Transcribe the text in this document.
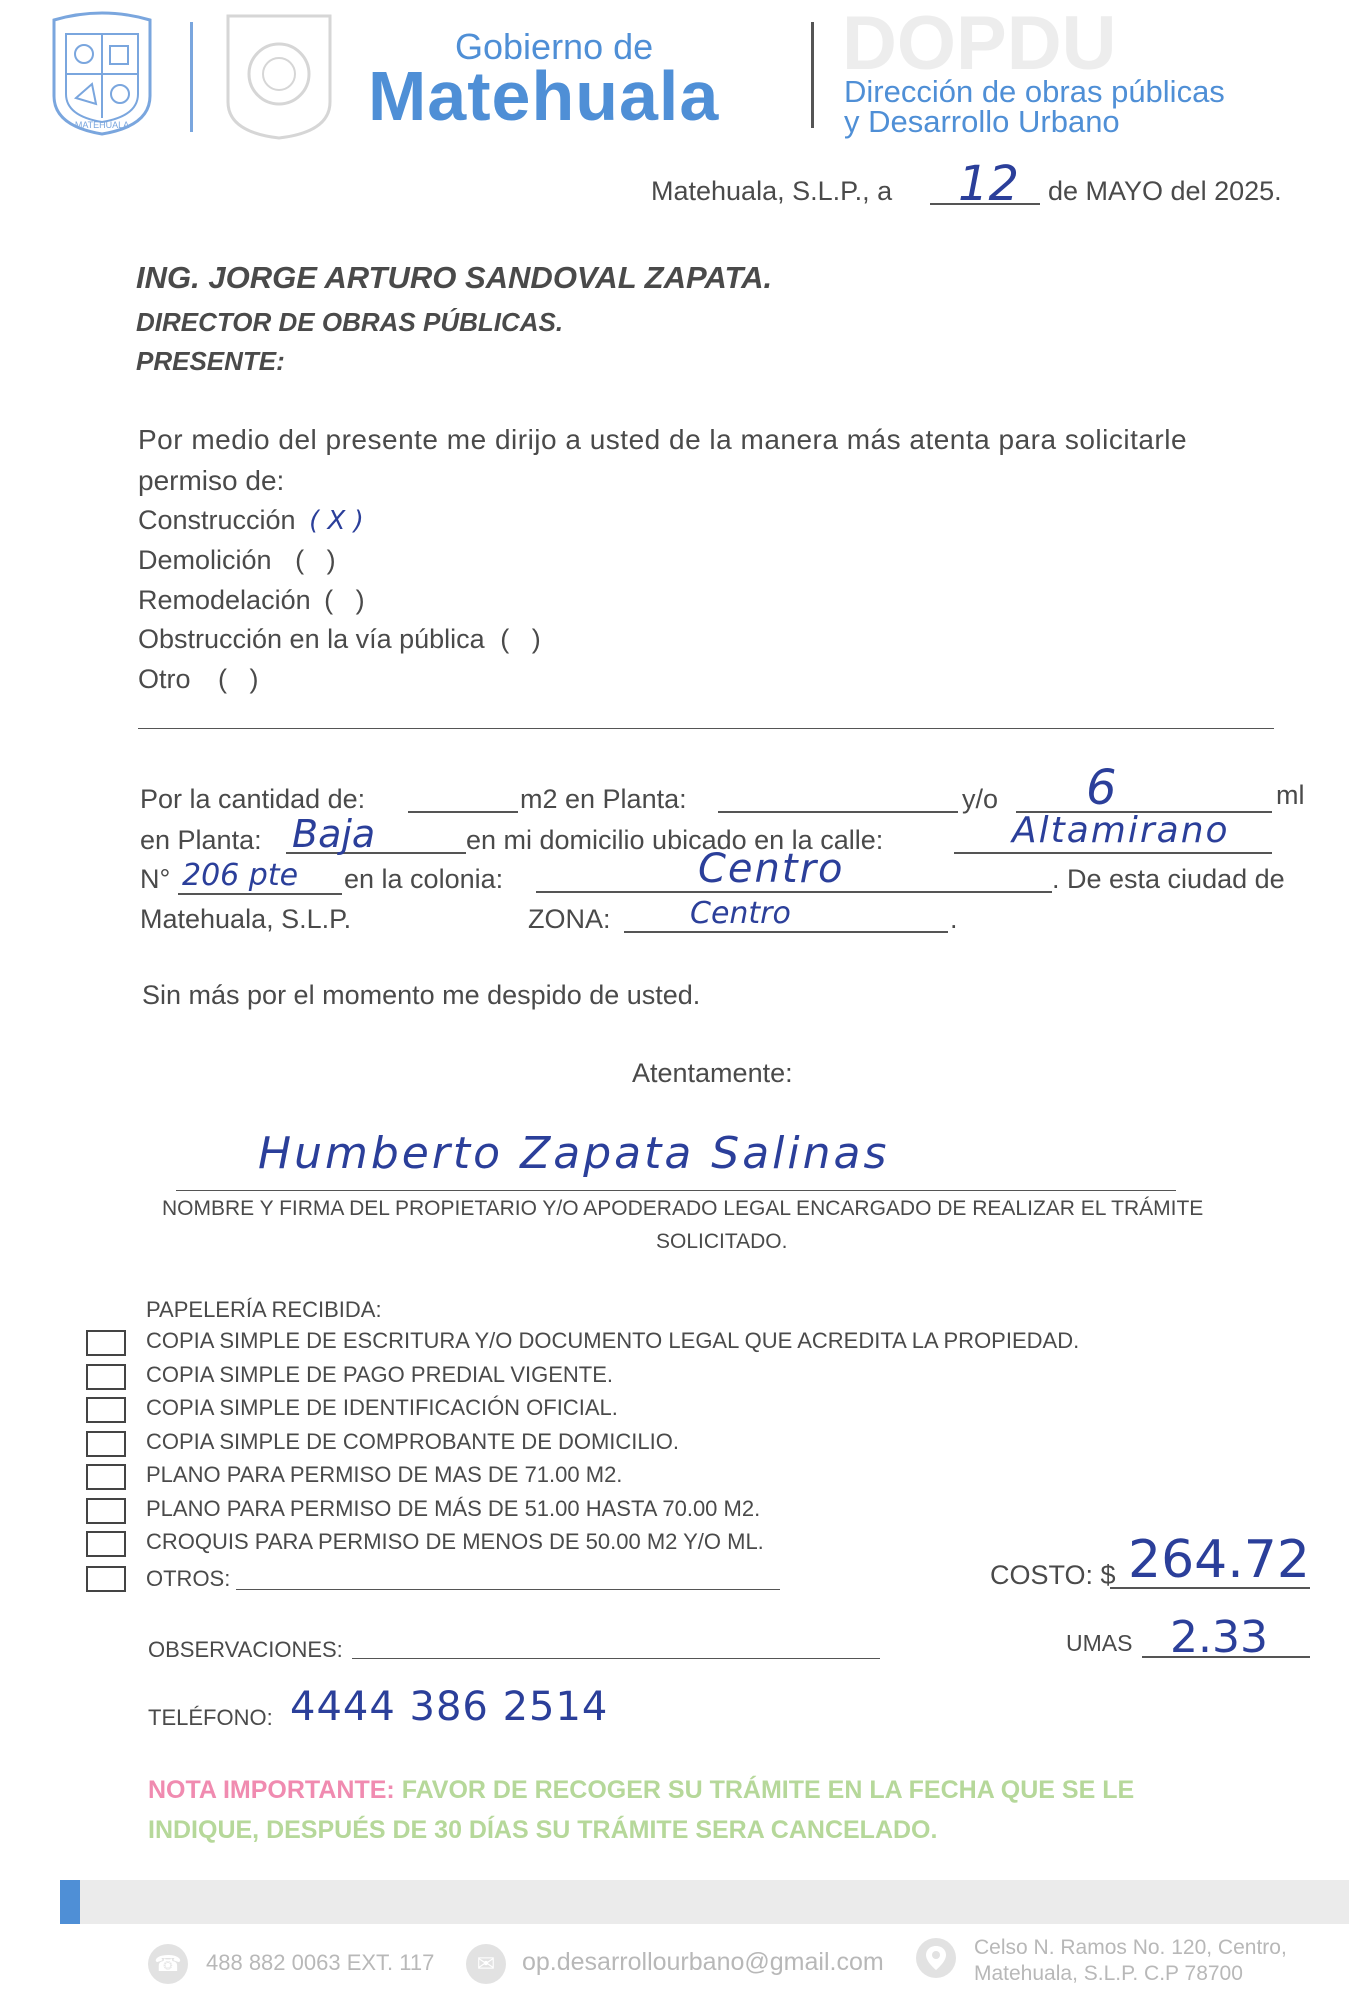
MATEHUALA
Gobierno de
Matehuala
DOPDU
Dirección de obras públicas
y Desarrollo Urbano
Matehuala, S.L.P., a 12 de MAYO del 2025.
ING. JORGE ARTURO SANDOVAL ZAPATA.
DIRECTOR DE OBRAS PÚBLICAS.
PRESENTE:
Por medio del presente me dirijo a usted de la manera más atenta para solicitarle
permiso de:
Construcción ( X )
Demolición (   )
Remodelación (   )
Obstrucción en la vía pública (   )
Otro (   )
Por la cantidad de:	m2 en Planta:	y/o 6	ml
en Planta: Baja	en mi domicilio ubicado en la calle:	Altamirano
N° 206 pte en la colonia:	Centro	. De esta ciudad de
Matehuala, S.L.P.	ZONA:	Centro	.
Sin más por el momento me despido de usted.
Atentamente:
Humberto Zapata Salinas
NOMBRE Y FIRMA DEL PROPIETARIO Y/O APODERADO LEGAL ENCARGADO DE REALIZAR EL TRÁMITE
SOLICITADO.
PAPELERÍA RECIBIDA:
COPIA SIMPLE DE ESCRITURA Y/O DOCUMENTO LEGAL QUE ACREDITA LA PROPIEDAD.
COPIA SIMPLE DE PAGO PREDIAL VIGENTE.
COPIA SIMPLE DE IDENTIFICACIÓN OFICIAL.
COPIA SIMPLE DE COMPROBANTE DE DOMICILIO.
PLANO PARA PERMISO DE MAS DE 71.00 M2.
PLANO PARA PERMISO DE MÁS DE 51.00 HASTA 70.00 M2.
CROQUIS PARA PERMISO DE MENOS DE 50.00 M2 Y/O ML.
OTROS:	COSTO: $ 264.72
UMAS 2.33
OBSERVACIONES:
TELÉFONO: 4444 386 2514
NOTA IMPORTANTE: FAVOR DE RECOGER SU TRÁMITE EN LA FECHA QUE SE LE
INDIQUE, DESPUÉS DE 30 DÍAS SU TRÁMITE SERA CANCELADO.
☎ 488 882 0063 EXT. 117	✉	op.desarrollourbano@gmail.com
Celso N. Ramos No. 120, Centro,
Matehuala, S.L.P. C.P 78700
